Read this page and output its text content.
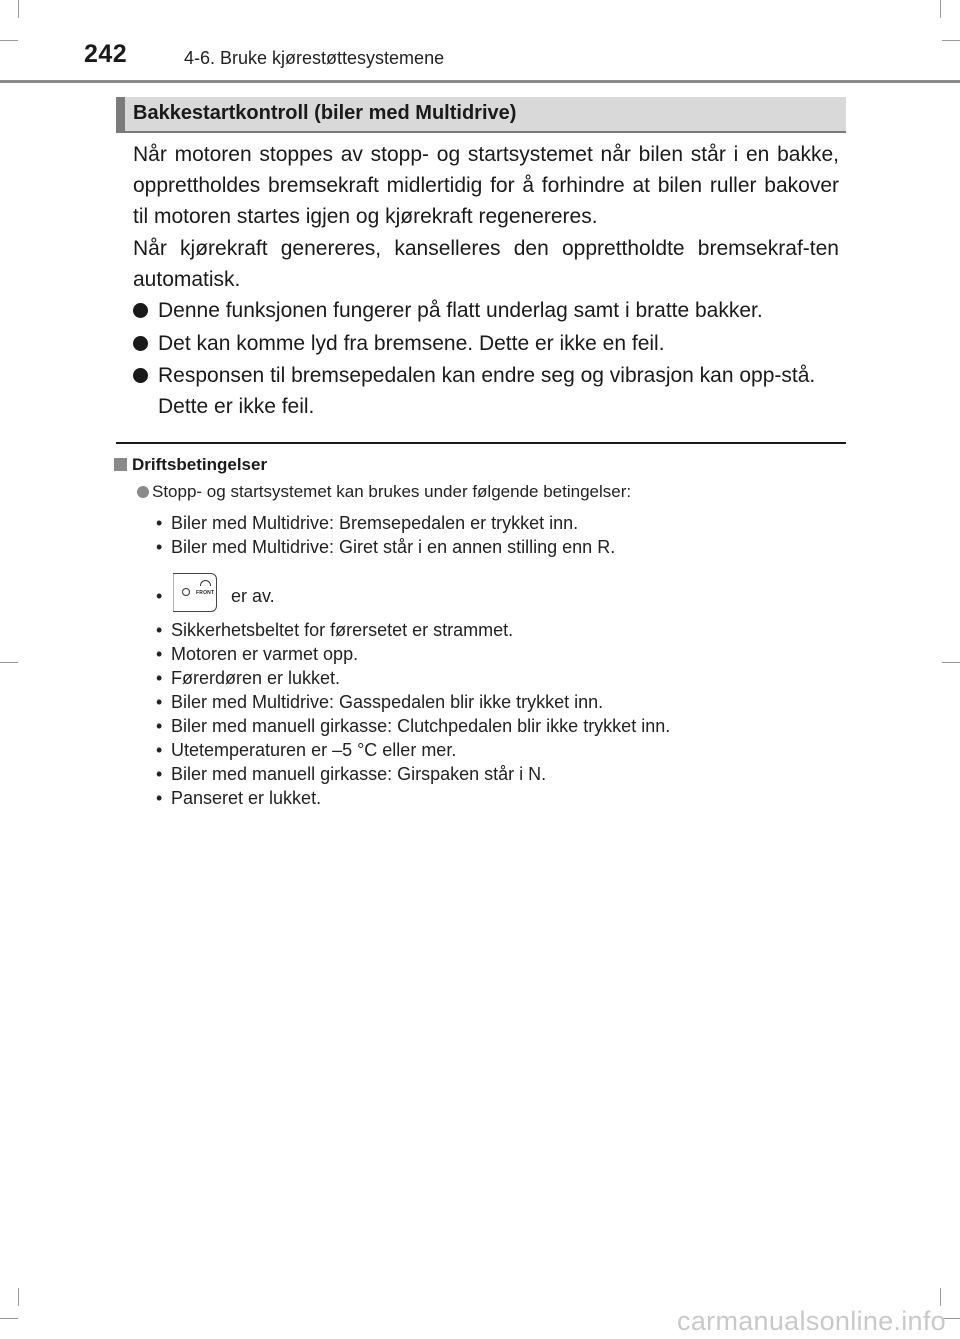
242	4-6. Bruke kjørestøttesystemene
Bakkestartkontroll (biler med Multidrive)
Når motoren stoppes av stopp- og startsystemet når bilen står i en bakke, opprettholdes bremsekraft midlertidig for å forhindre at bilen ruller bakover til motoren startes igjen og kjørekraft regenereres.
Når kjørekraft genereres, kanselleres den opprettholdte bremsekraf-ten automatisk.
Denne funksjonen fungerer på flatt underlag samt i bratte bakker.
Det kan komme lyd fra bremsene. Dette er ikke en feil.
Responsen til bremsepedalen kan endre seg og vibrasjon kan opp-stå. Dette er ikke feil.
Driftsbetingelser
Stopp- og startsystemet kan brukes under følgende betingelser:
• Biler med Multidrive: Bremsepedalen er trykket inn.
• Biler med Multidrive: Giret står i en annen stilling enn R.
•	FRONT er av.
• Sikkerhetsbeltet for førersetet er strammet.
• Motoren er varmet opp.
• Førerdøren er lukket.
• Biler med Multidrive: Gasspedalen blir ikke trykket inn.
• Biler med manuell girkasse: Clutchpedalen blir ikke trykket inn.
• Utetemperaturen er –5 °C eller mer.
• Biler med manuell girkasse: Girspaken står i N.
• Panseret er lukket.
carmanualsonline.info
